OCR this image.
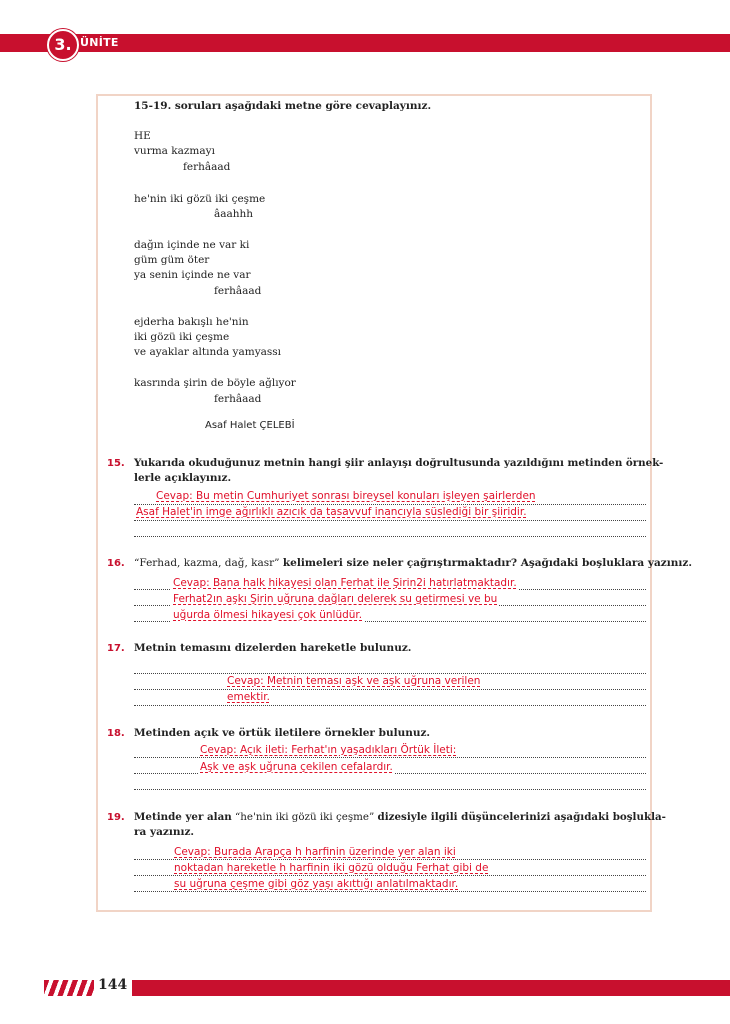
3. ÜNİTE
15-19. soruları aşağıdaki metne göre cevaplayınız.
HE
vurma kazmayı
ferhâaad
he'nin iki gözü iki çeşme
âaahhh
dağın içinde ne var ki
güm güm öter
ya senin içinde ne var
ferhâaad
ejderha bakışlı he'nin
iki gözü iki çeşme
ve ayaklar altında yamyassı
kasrında şirin de böyle ağlıyor
ferhâaad
Asaf Halet ÇELEBİ
15. Yukarıda okuduğunuz metnin hangi şiir anlayışı doğrultusunda yazıldığını metinden örnek-
lerle açıklayınız.
Cevap: Bu metin Cumhuriyet sonrası bireysel konuları işleyen şairlerden
Asaf Halet'in imge ağırlıklı azıcık da tasavvuf inancıyla süslediği bir şiiridir.
16. “Ferhad, kazma, dağ, kasr” kelimeleri size neler çağrıştırmaktadır? Aşağıdaki boşluklara yazınız.
Cevap: Bana halk hikayesi olan Ferhat ile Şirin2i hatırlatmaktadır.
Ferhat2ın aşkı Şirin uğruna dağları delerek su getirmesi ve bu
uğurda ölmesi hikayesi çok ünlüdür.
17. Metnin temasını dizelerden hareketle bulunuz.
Cevap: Metnin teması aşk ve aşk uğruna verilen
emektir.
18. Metinden açık ve örtük iletilere örnekler bulunuz.
Cevap: Açık ileti: Ferhat'ın yaşadıkları Örtük İleti:
Aşk ve aşk uğruna çekilen cefalardır.
19. Metinde yer alan “he'nin iki gözü iki çeşme” dizesiyle ilgili düşüncelerinizi aşağıdaki boşlukla-
ra yazınız.
Cevap: Burada Arapça h harfinin üzerinde yer alan iki
noktadan hareketle h harfinin iki gözü olduğu Ferhat gibi de
su uğruna çeşme gibi göz yaşı akıttığı anlatılmaktadır.
144
